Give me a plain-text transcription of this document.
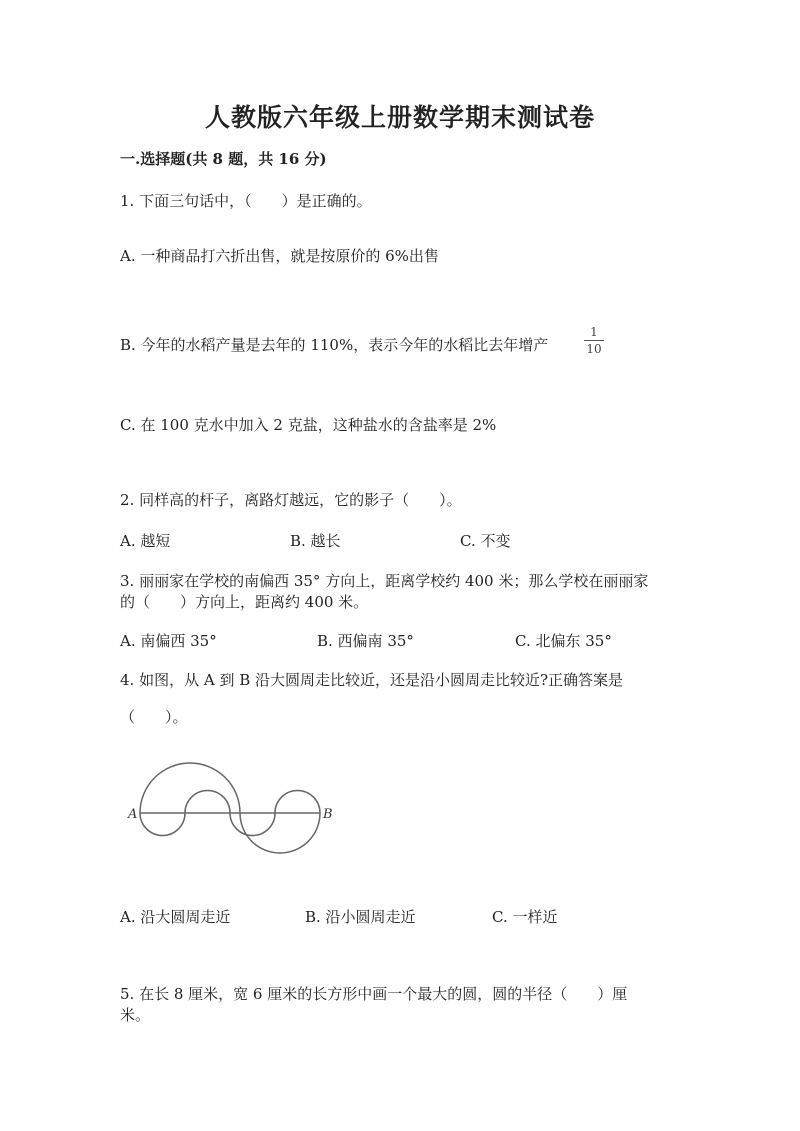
人教版六年级上册数学期末测试卷
一.选择题(共 8 题，共 16 分)
1. 下面三句话中，（　　）是正确的。
A. 一种商品打六折出售，就是按原价的 6%出售
B. 今年的水稻产量是去年的 110%，表示今年的水稻比去年增产
1
10
C. 在 100 克水中加入 2 克盐，这种盐水的含盐率是 2%
2. 同样高的杆子，离路灯越远，它的影子（　　）。
A. 越短	B. 越长	C. 不变
3. 丽丽家在学校的南偏西 35° 方向上，距离学校约 400 米；那么学校在丽丽家
的（　　）方向上，距离约 400 米。
A. 南偏西 35°	B. 西偏南 35°	C. 北偏东 35°
4. 如图，从 A 到 B 沿大圆周走比较近，还是沿小圆周走比较近?正确答案是
（　　）。
A	B
A. 沿大圆周走近	B. 沿小圆周走近	C. 一样近
5. 在长 8 厘米，宽 6 厘米的长方形中画一个最大的圆，圆的半径（　　）厘
米。
